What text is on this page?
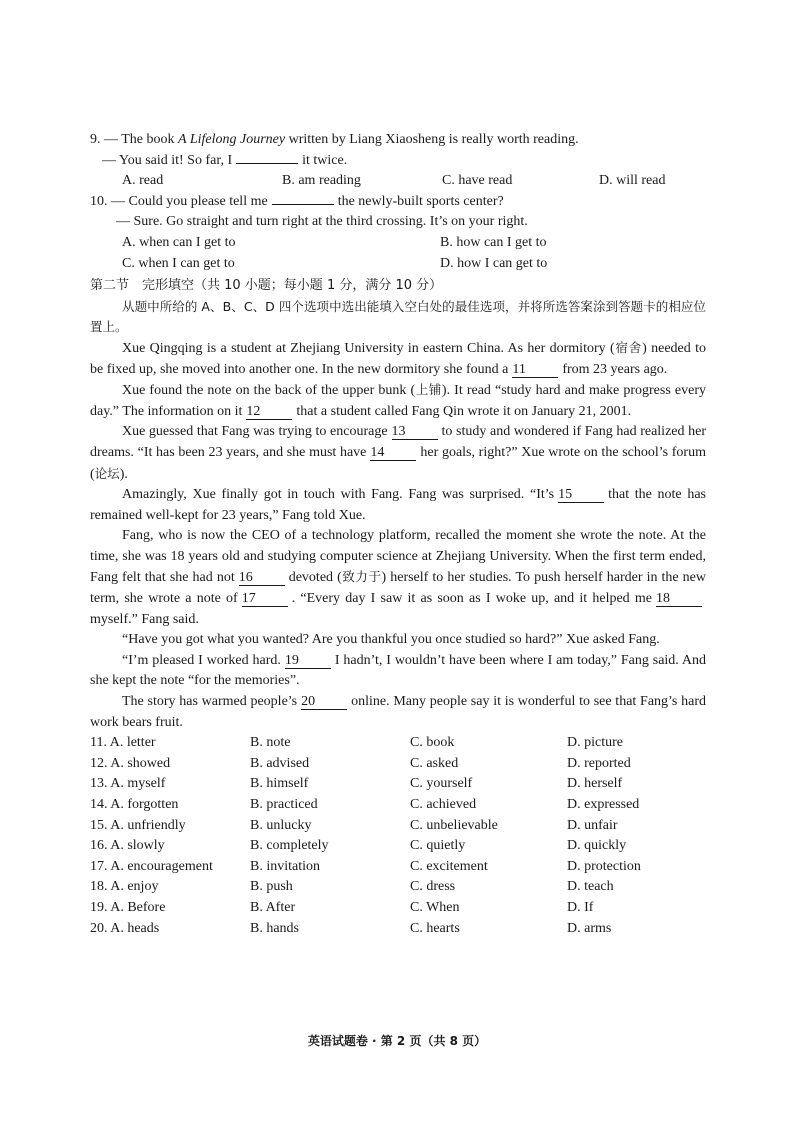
9. — The book A Lifelong Journey written by Liang Xiaosheng is really worth reading.
— You said it! So far, I	it twice.
A. read	B. am reading	C. have read	D. will read
10. — Could you please tell me	the newly-built sports center?
— Sure. Go straight and turn right at the third crossing. It’s on your right.
A. when can I get to	B. how can I get to
C. when I can get to	D. how I can get to
第二节　完形填空（共 10 小题；每小题 1 分，满分 10 分）
从题中所给的 A、B、C、D 四个选项中选出能填入空白处的最佳选项，并将所选答案涂到答题卡的相应位置上。
Xue Qingqing is a student at Zhejiang University in eastern China. As her dormitory (宿舍) needed to be fixed up, she moved into another one. In the new dormitory she found a 11	from 23 years ago.
Xue found the note on the back of the upper bunk (上铺). It read “study hard and make progress every day.” The information on it 12	that a student called Fang Qin wrote it on January 21, 2001.
Xue guessed that Fang was trying to encourage 13	to study and wondered if Fang had realized her dreams. “It has been 23 years, and she must have 14	her goals, right?” Xue wrote on the school’s forum (论坛).
Amazingly, Xue finally got in touch with Fang. Fang was surprised. “It’s 15	that the note has remained well-kept for 23 years,” Fang told Xue.
Fang, who is now the CEO of a technology platform, recalled the moment she wrote the note. At the time, she was 18 years old and studying computer science at Zhejiang University. When the first term ended, Fang felt that she had not 16	devoted (致力于) herself to her studies. To push herself harder in the new term, she wrote a note of 17	. “Every day I saw it as soon as I woke up, and it helped me 18myself.” Fang said.
“Have you got what you wanted? Are you thankful you once studied so hard?” Xue asked Fang.
“I’m pleased I worked hard. 19	I hadn’t, I wouldn’t have been where I am today,” Fang said. And she kept the note “for the memories”.
The story has warmed people’s 20	online. Many people say it is wonderful to see that Fang’s hard work bears fruit.
11. A. letter	B. note	C. book	D. picture
12. A. showed	B. advised	C. asked	D. reported
13. A. myself	B. himself	C. yourself	D. herself
14. A. forgotten	B. practiced	C. achieved	D. expressed
15. A. unfriendly	B. unlucky	C. unbelievable	D. unfair
16. A. slowly	B. completely	C. quietly	D. quickly
17. A. encouragement	B. invitation	C. excitement	D. protection
18. A. enjoy	B. push	C. dress	D. teach
19. A. Before	B. After	C. When	D. If
20. A. heads	B. hands	C. hearts	D. arms
英语试题卷 · 第 2 页（共 8 页）
